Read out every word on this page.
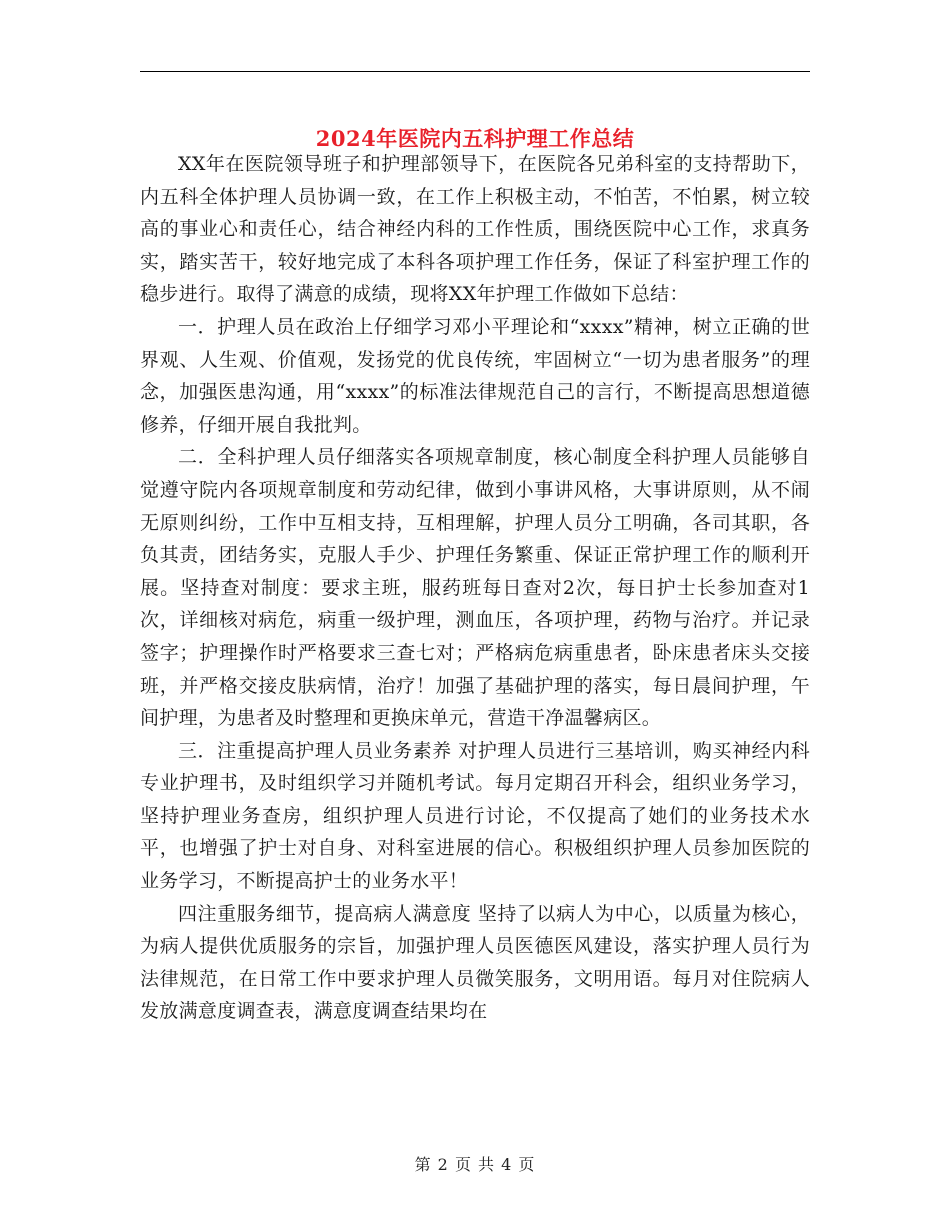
2024年医院内五科护理工作总结

XX年在医院领导班子和护理部领导下，在医院各兄弟科室的支持帮助下，内五科全体护理人员协调一致，在工作上积极主动，不怕苦，不怕累，树立较高的事业心和责任心，结合神经内科的工作性质，围绕医院中心工作，求真务实，踏实苦干，较好地完成了本科各项护理工作任务，保证了科室护理工作的稳步进行。取得了满意的成绩，现将XX年护理工作做如下总结：

一．护理人员在政治上仔细学习邓小平理论和“xxxx”精神，树立正确的世界观、人生观、价值观，发扬党的优良传统，牢固树立“一切为患者服务”的理念，加强医患沟通，用“xxxx”的标准法律规范自己的言行，不断提高思想道德修养，仔细开展自我批判。

二．全科护理人员仔细落实各项规章制度，核心制度全科护理人员能够自觉遵守院内各项规章制度和劳动纪律，做到小事讲风格，大事讲原则，从不闹无原则纠纷，工作中互相支持，互相理解，护理人员分工明确，各司其职，各负其责，团结务实，克服人手少、护理任务繁重、保证正常护理工作的顺利开展。坚持查对制度：要求主班，服药班每日查对2次，每日护士长参加查对1次，详细核对病危，病重一级护理，测血压，各项护理，药物与治疗。并记录签字；护理操作时严格要求三查七对；严格病危病重患者，卧床患者床头交接班，并严格交接皮肤病情，治疗！加强了基础护理的落实，每日晨间护理，午间护理，为患者及时整理和更换床单元，营造干净温馨病区。

三．注重提高护理人员业务素养 对护理人员进行三基培训，购买神经内科专业护理书，及时组织学习并随机考试。每月定期召开科会，组织业务学习，坚持护理业务查房，组织护理人员进行讨论，不仅提高了她们的业务技术水平，也增强了护士对自身、对科室进展的信心。积极组织护理人员参加医院的业务学习，不断提高护士的业务水平！

四注重服务细节，提高病人满意度 坚持了以病人为中心，以质量为核心，为病人提供优质服务的宗旨，加强护理人员医德医风建设，落实护理人员行为法律规范，在日常工作中要求护理人员微笑服务，文明用语。每月对住院病人发放满意度调查表，满意度调查结果均在

第 2 页 共 4 页
